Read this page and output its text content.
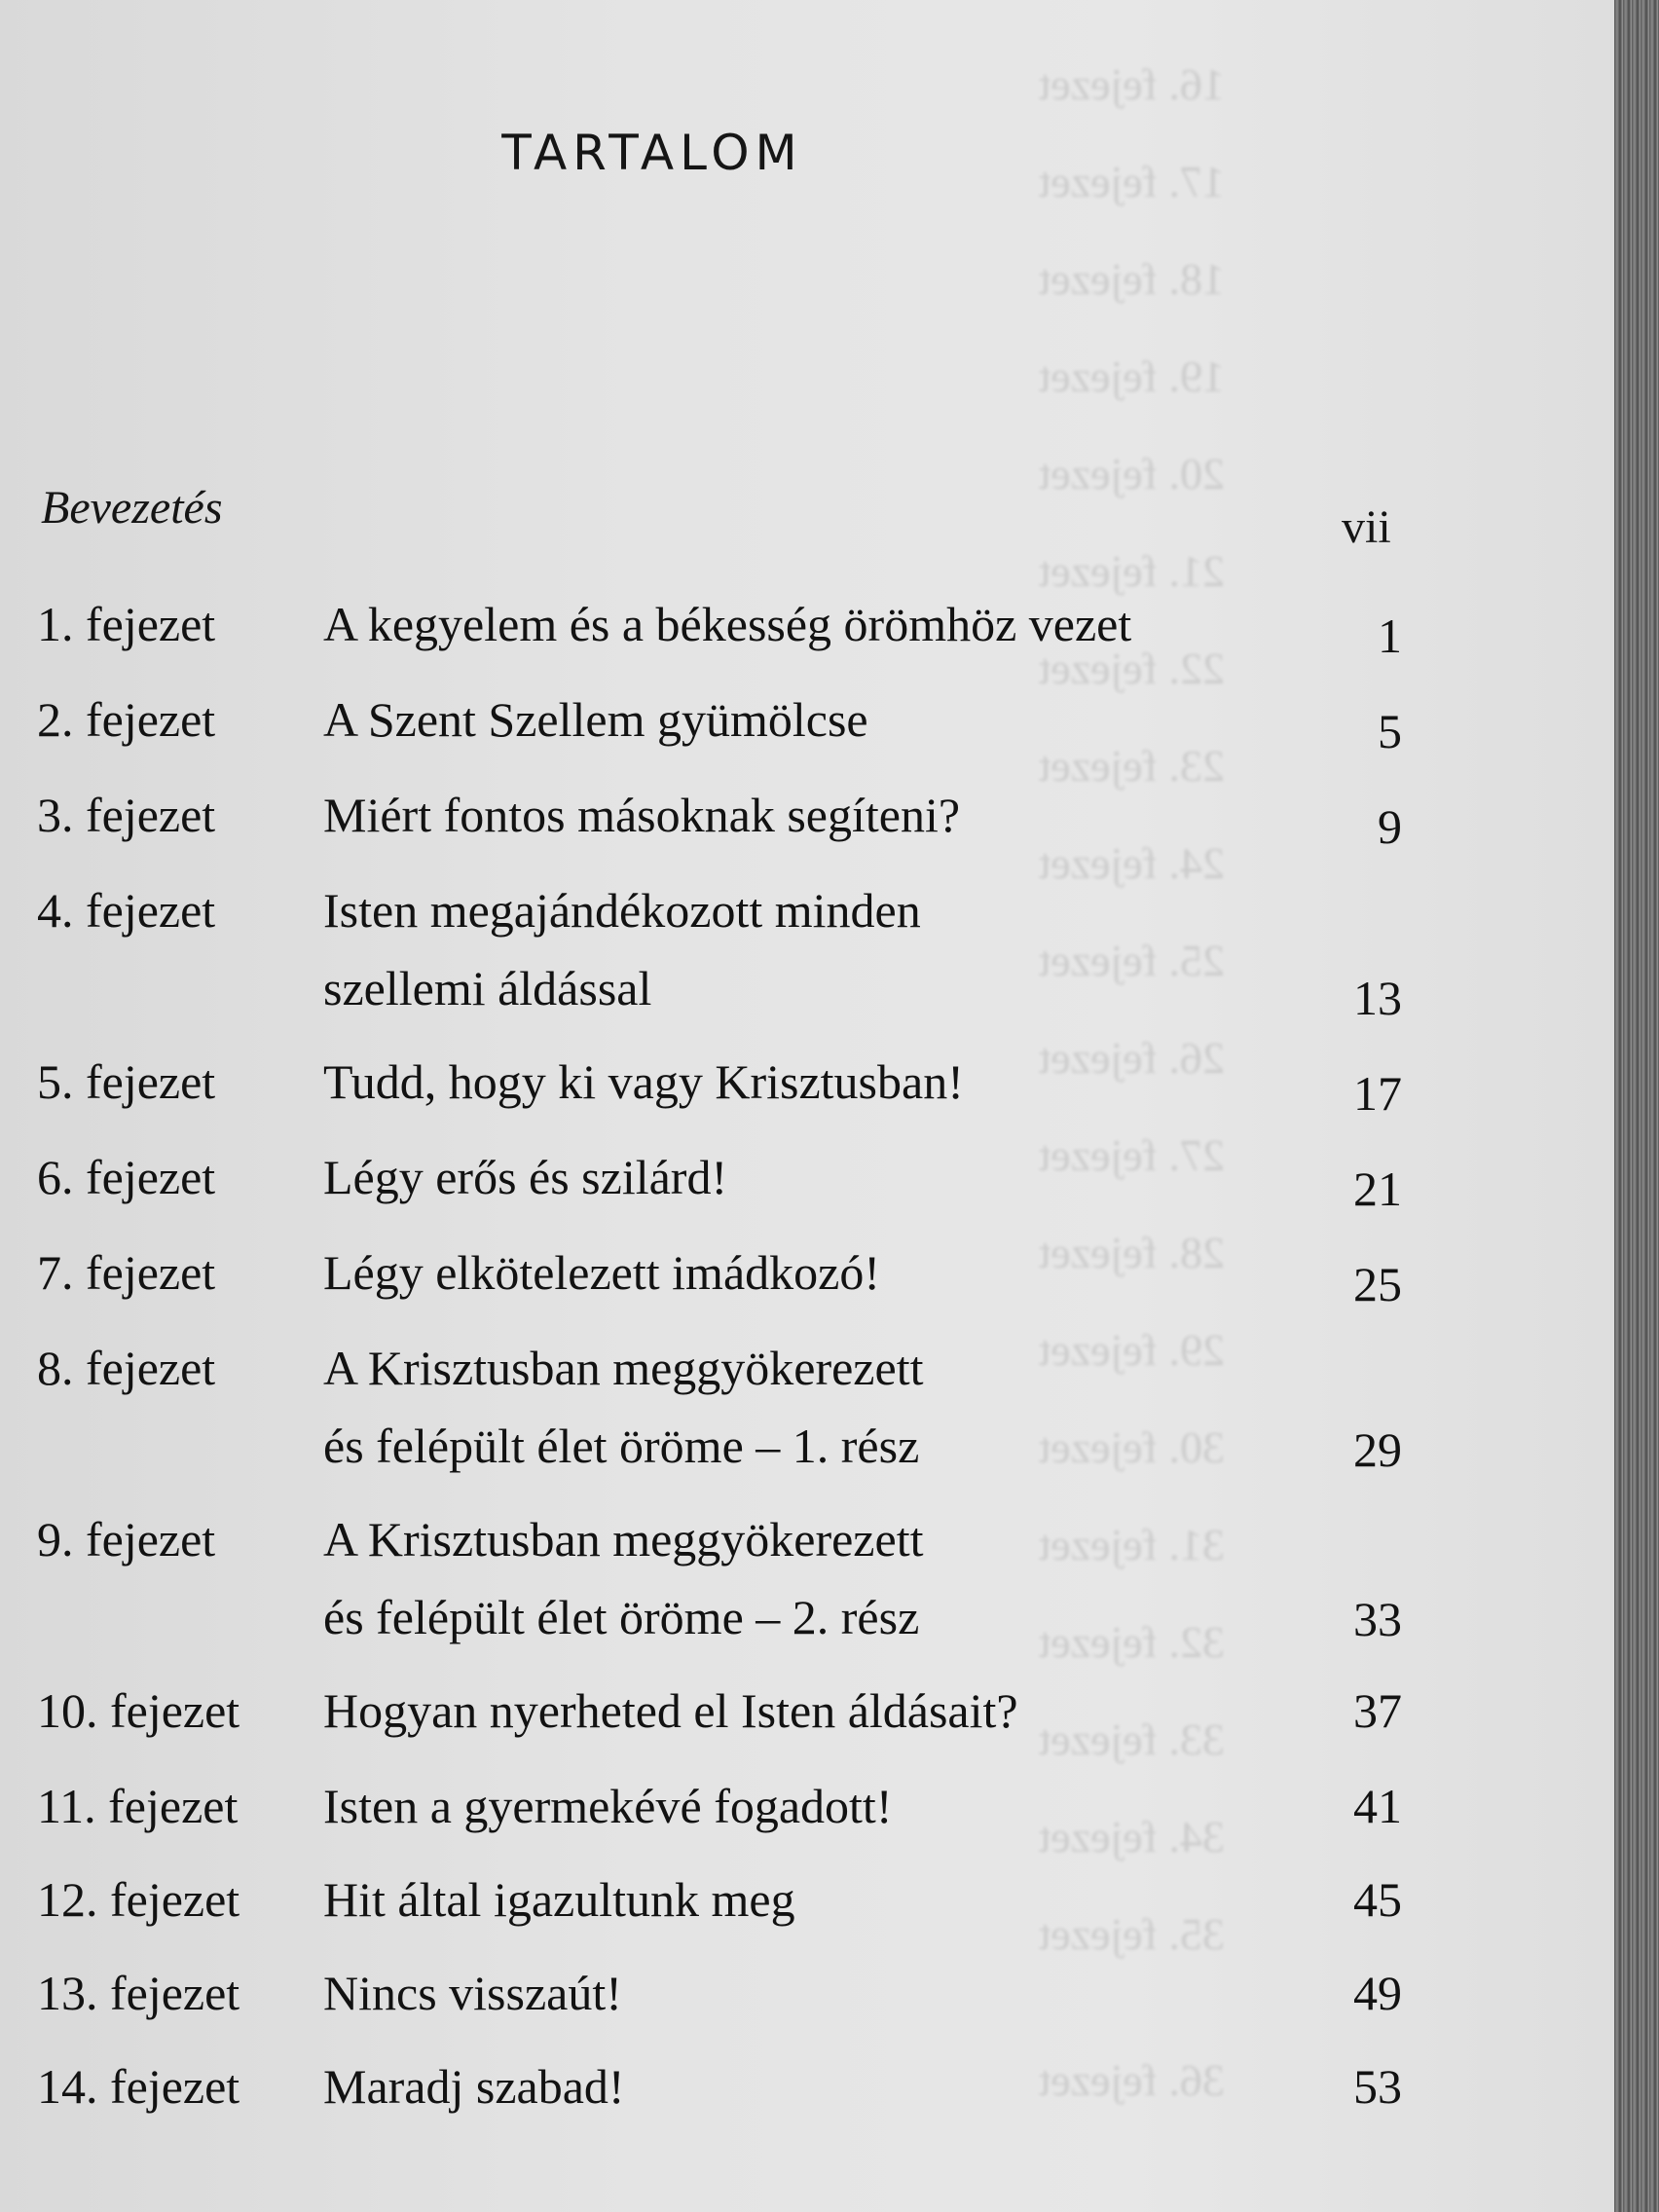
16. fejezet
17. fejezet
18. fejezet
19. fejezet
20. fejezet
21. fejezet
22. fejezet
23. fejezet
24. fejezet
25. fejezet
26. fejezet
27. fejezet
28. fejezet
29. fejezet
30. fejezet
31. fejezet
32. fejezet
33. fejezet
34. fejezet
35. fejezet
36. fejezet
TARTALOM
Bevezetés	vii
1. fejezet A kegyelem és a békesség örömhöz vezet	1
2. fejezet A Szent Szellem gyümölcse	5
3. fejezet Miért fontos másoknak segíteni?	9
4. fejezet Isten megajándékozott minden
szellemi áldással	13
5. fejezet Tudd, hogy ki vagy Krisztusban!	17
6. fejezet Légy erős és szilárd!	21
7. fejezet Légy elkötelezett imádkozó!	25
8. fejezet A Krisztusban meggyökerezett
és felépült élet öröme – 1. rész	29
9. fejezet A Krisztusban meggyökerezett
és felépült élet öröme – 2. rész	33
10. fejezet Hogyan nyerheted el Isten áldásait?	37
11. fejezet Isten a gyermekévé fogadott!	41
12. fejezet Hit által igazultunk meg	45
13. fejezet Nincs visszaút!	49
14. fejezet Maradj szabad!	53
